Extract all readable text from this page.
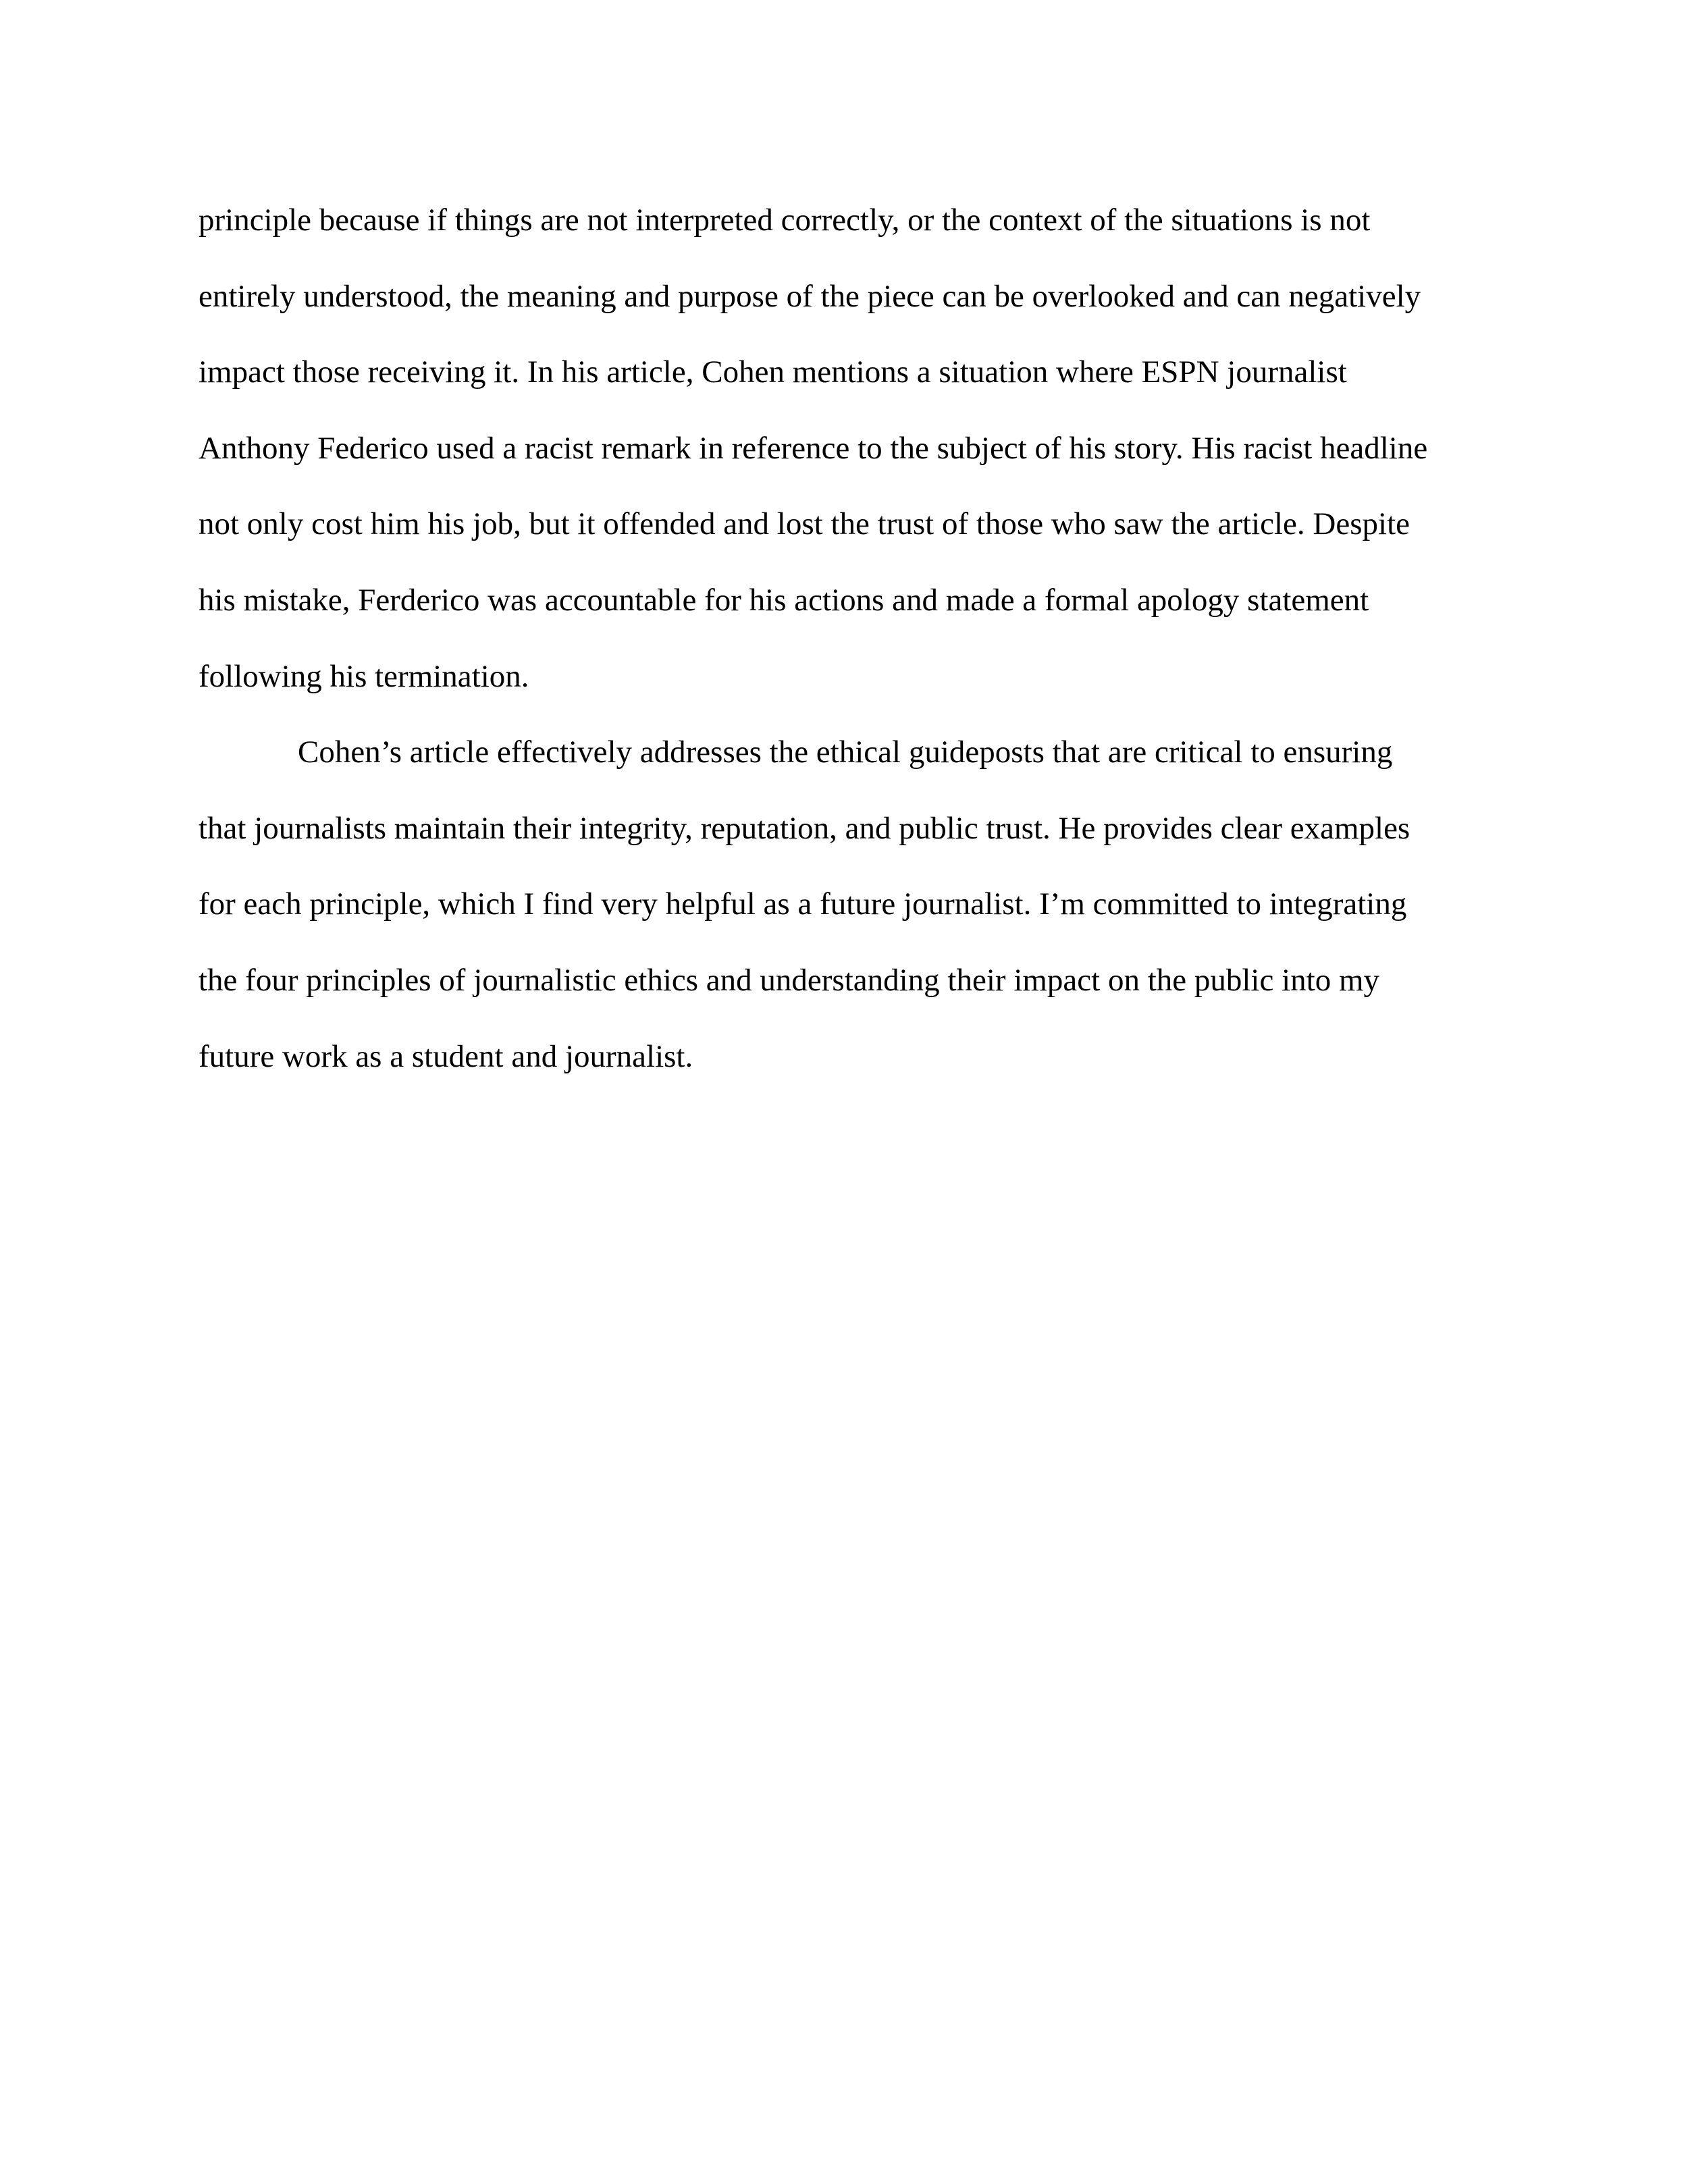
principle because if things are not interpreted correctly, or the context of the situations is not
entirely understood, the meaning and purpose of the piece can be overlooked and can negatively
impact those receiving it. In his article, Cohen mentions a situation where ESPN journalist
Anthony Federico used a racist remark in reference to the subject of his story. His racist headline
not only cost him his job, but it offended and lost the trust of those who saw the article. Despite
his mistake, Ferderico was accountable for his actions and made a formal apology statement
following his termination.
Cohen’s article effectively addresses the ethical guideposts that are critical to ensuring
that journalists maintain their integrity, reputation, and public trust. He provides clear examples
for each principle, which I find very helpful as a future journalist. I’m committed to integrating
the four principles of journalistic ethics and understanding their impact on the public into my
future work as a student and journalist.
